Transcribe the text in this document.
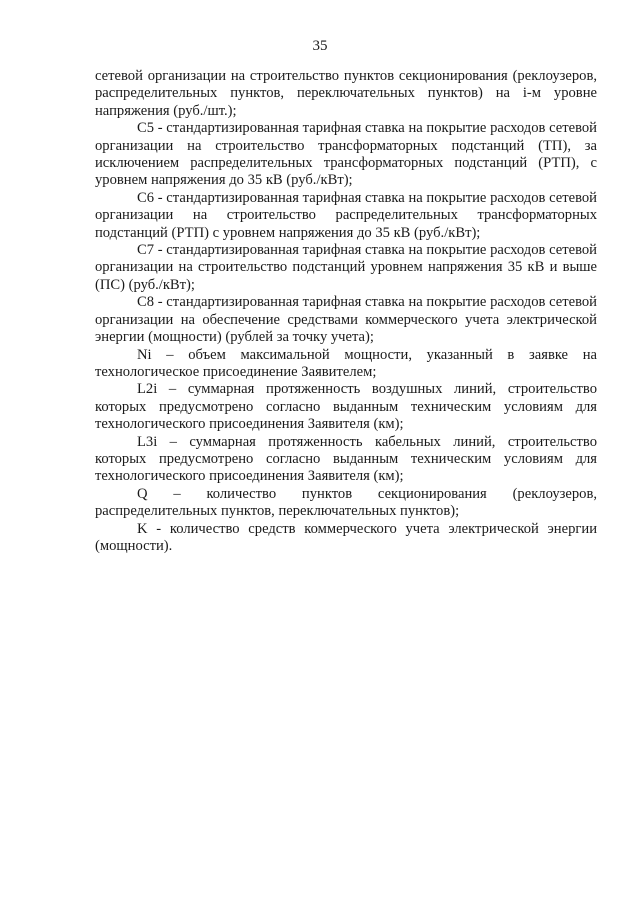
35

сетевой организации на строительство пунктов секционирования (реклоузеров, распределительных пунктов, переключательных пунктов) на i-м уровне напряжения (руб./шт.);

C5 - стандартизированная тарифная ставка на покрытие расходов сетевой организации на строительство трансформаторных подстанций (ТП), за исключением распределительных трансформаторных подстанций (РТП), с уровнем напряжения до 35 кВ (руб./кВт);

C6 - стандартизированная тарифная ставка на покрытие расходов сетевой организации на строительство распределительных трансформаторных подстанций (РТП) с уровнем напряжения до 35 кВ (руб./кВт);

C7 - стандартизированная тарифная ставка на покрытие расходов сетевой организации на строительство подстанций уровнем напряжения 35 кВ и выше (ПС) (руб./кВт);

C8 - стандартизированная тарифная ставка на покрытие расходов сетевой организации на обеспечение средствами коммерческого учета электрической энергии (мощности) (рублей за точку учета);

Ni – объем максимальной мощности, указанный в заявке на технологическое присоединение Заявителем;

L2i – суммарная протяженность воздушных линий, строительство которых предусмотрено согласно выданным техническим условиям для технологического присоединения Заявителя (км);

L3i – суммарная протяженность кабельных линий, строительство которых предусмотрено согласно выданным техническим условиям для технологического присоединения Заявителя (км);

Q – количество пунктов секционирования (реклоузеров, распределительных пунктов, переключательных пунктов);

K - количество средств коммерческого учета электрической энергии (мощности).
